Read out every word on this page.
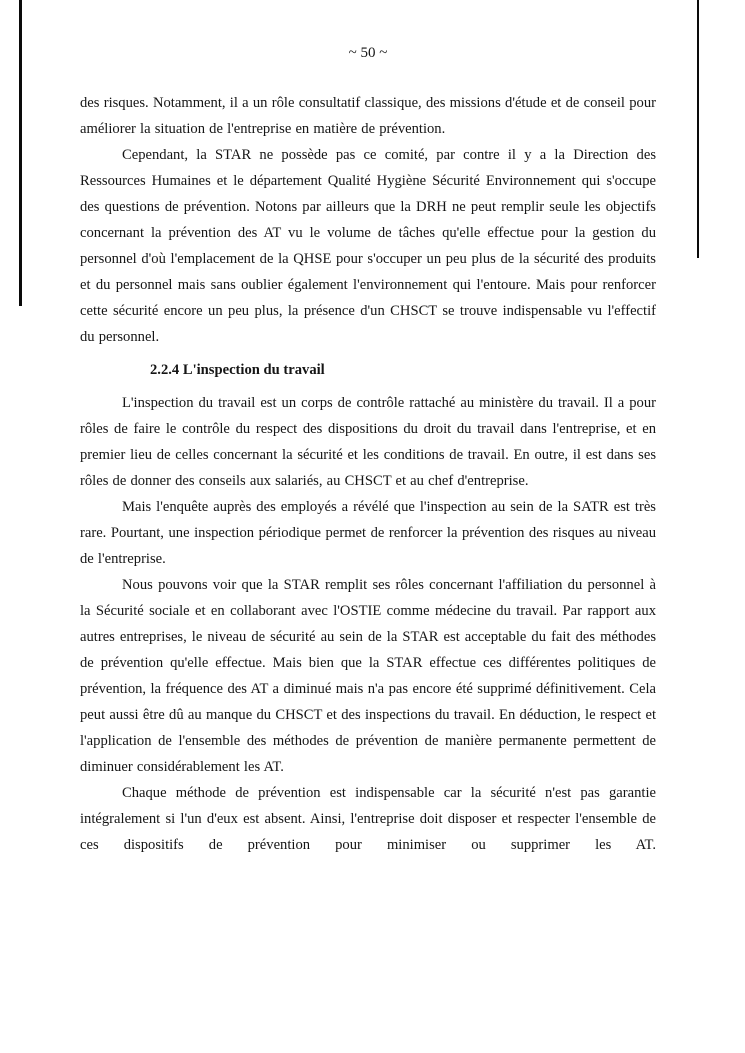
~ 50 ~

des risques. Notamment, il a un rôle consultatif classique, des missions d'étude et de conseil pour améliorer la situation de l'entreprise en matière de prévention.

Cependant, la STAR ne possède pas ce comité, par contre il y a la Direction des Ressources Humaines et le département Qualité Hygiène Sécurité Environnement qui s'occupe des questions de prévention. Notons par ailleurs que la DRH ne peut remplir seule les objectifs concernant la prévention des AT vu le volume de tâches qu'elle effectue pour la gestion du personnel d'où l'emplacement de la QHSE pour s'occuper un peu plus de la sécurité des produits et du personnel mais sans oublier également l'environnement qui l'entoure. Mais pour renforcer cette sécurité encore un peu plus, la présence d'un CHSCT se trouve indispensable vu l'effectif du personnel.

2.2.4 L'inspection du travail

L'inspection du travail est un corps de contrôle rattaché au ministère du travail. Il a pour rôles de faire le contrôle du respect des dispositions du droit du travail dans l'entreprise, et en premier lieu de celles concernant la sécurité et les conditions de travail. En outre, il est dans ses rôles de donner des conseils aux salariés, au CHSCT et au chef d'entreprise.

Mais l'enquête auprès des employés a révélé que l'inspection au sein de la SATR est très rare. Pourtant, une inspection périodique permet de renforcer la prévention des risques au niveau de l'entreprise.

Nous pouvons voir que la STAR remplit ses rôles concernant l'affiliation du personnel à la Sécurité sociale et en collaborant avec l'OSTIE comme médecine du travail. Par rapport aux autres entreprises, le niveau de sécurité au sein de la STAR est acceptable du fait des méthodes de prévention qu'elle effectue. Mais bien que la STAR effectue ces différentes politiques de prévention, la fréquence des AT a diminué mais n'a pas encore été supprimé définitivement. Cela peut aussi être dû au manque du CHSCT et des inspections du travail. En déduction, le respect et l'application de l'ensemble des méthodes de prévention de manière permanente permettent de diminuer considérablement les AT.

Chaque méthode de prévention est indispensable car la sécurité n'est pas garantie intégralement si l'un d'eux est absent. Ainsi, l'entreprise doit disposer et respecter l'ensemble de ces dispositifs de prévention pour minimiser ou supprimer les AT.
